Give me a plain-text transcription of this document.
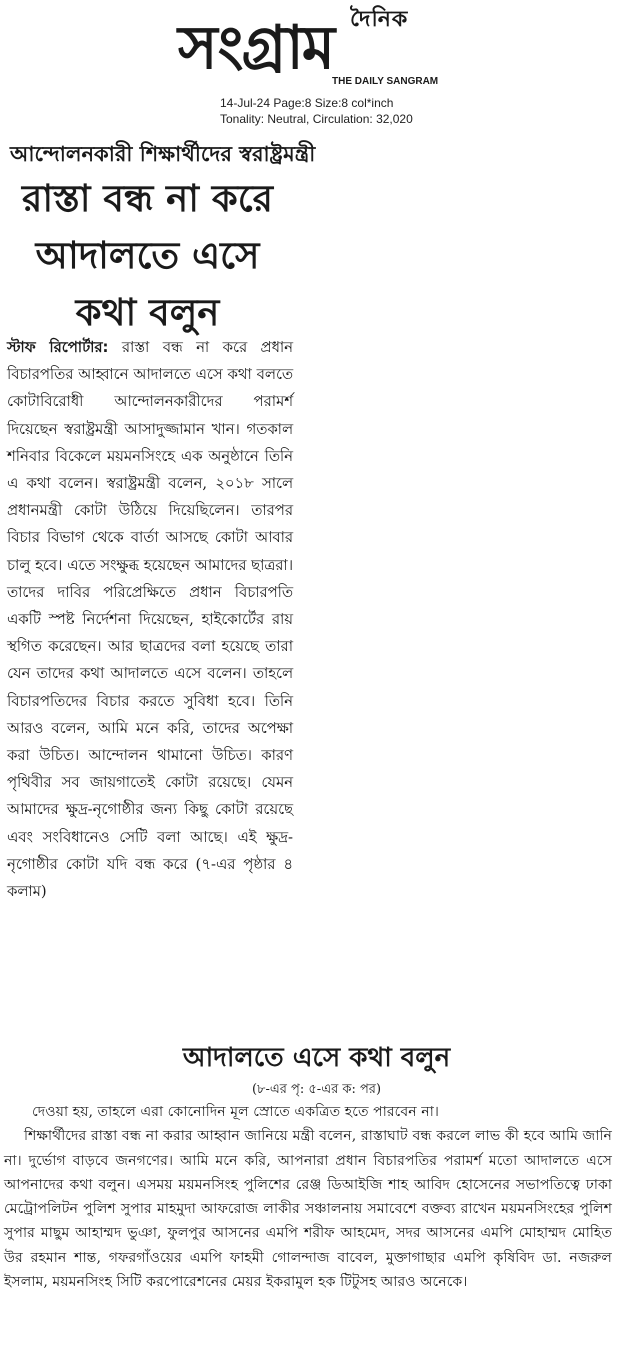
দৈনিক
সংগ্রাম
THE DAILY SANGRAM
14-Jul-24 Page:8 Size:8 col*inch
Tonality: Neutral, Circulation: 32,020
আন্দোলনকারী শিক্ষার্থীদের স্বরাষ্ট্রমন্ত্রী
রাস্তা বন্ধ না করে আদালতে এসে কথা বলুন
স্টাফ রিপোর্টার: রাস্তা বন্ধ না করে প্রধান বিচারপতির আহ্বানে আদালতে এসে কথা বলতে কোটাবিরোধী আন্দোলনকারীদের পরামর্শ দিয়েছেন স্বরাষ্ট্রমন্ত্রী আসাদুজ্জামান খান। গতকাল শনিবার বিকেলে ময়মনসিংহে এক অনুষ্ঠানে তিনি এ কথা বলেন। স্বরাষ্ট্রমন্ত্রী বলেন, ২০১৮ সালে প্রধানমন্ত্রী কোটা উঠিয়ে দিয়েছিলেন। তারপর বিচার বিভাগ থেকে বার্তা আসছে কোটা আবার চালু হবে। এতে সংক্ষুব্ধ হয়েছেন আমাদের ছাত্ররা। তাদের দাবির পরিপ্রেক্ষিতে প্রধান বিচারপতি একটি স্পষ্ট নির্দেশনা দিয়েছেন, হাইকোর্টের রায় স্থগিত করেছেন। আর ছাত্রদের বলা হয়েছে তারা যেন তাদের কথা আদালতে এসে বলেন। তাহলে বিচারপতিদের বিচার করতে সুবিধা হবে। তিনি আরও বলেন, আমি মনে করি, তাদের অপেক্ষা করা উচিত। আন্দোলন থামানো উচিত। কারণ পৃথিবীর সব জায়গাতেই কোটা রয়েছে। যেমন আমাদের ক্ষুদ্র-নৃগোষ্ঠীর জন্য কিছু কোটা রয়েছে এবং সংবিধানেও সেটি বলা আছে। এই ক্ষুদ্র-নৃগোষ্ঠীর কোটা যদি বন্ধ করে (৭-এর পৃষ্ঠার ৪ কলাম)
আদালতে এসে কথা বলুন
(৮-এর পৃ: ৫-এর ক: পর)

দেওয়া হয়, তাহলে এরা কোনোদিন মূল স্রোতে একত্রিত হতে পারবেন না।

শিক্ষার্থীদের রাস্তা বন্ধ না করার আহ্বান জানিয়ে মন্ত্রী বলেন, রাস্তাঘাট বন্ধ করলে লাভ কী হবে আমি জানি না। দুর্ভোগ বাড়বে জনগণের। আমি মনে করি, আপনারা প্রধান বিচারপতির পরামর্শ মতো আদালতে এসে আপনাদের কথা বলুন। এসময় ময়মনসিংহ পুলিশের রেঞ্জ ডিআইজি শাহ আবিদ হোসেনের সভাপতিত্বে ঢাকা মেট্রোপলিটন পুলিশ সুপার মাহমুদা আফরোজ লাকীর সঞ্চালনায় সমাবেশে বক্তব্য রাখেন ময়মনসিংহের পুলিশ সুপার মাছুম আহাম্মদ ভুঞা, ফুলপুর আসনের এমপি শরীফ আহমেদ, সদর আসনের এমপি মোহাম্মদ মোহিত উর রহমান শান্ত, গফরগাঁওয়ের এমপি ফাহমী গোলন্দাজ বাবেল, মুক্তাগাছার এমপি কৃষিবিদ ডা. নজরুল ইসলাম, ময়মনসিংহ সিটি করপোরেশনের মেয়র ইকরামুল হক টিটুসহ আরও অনেকে।
